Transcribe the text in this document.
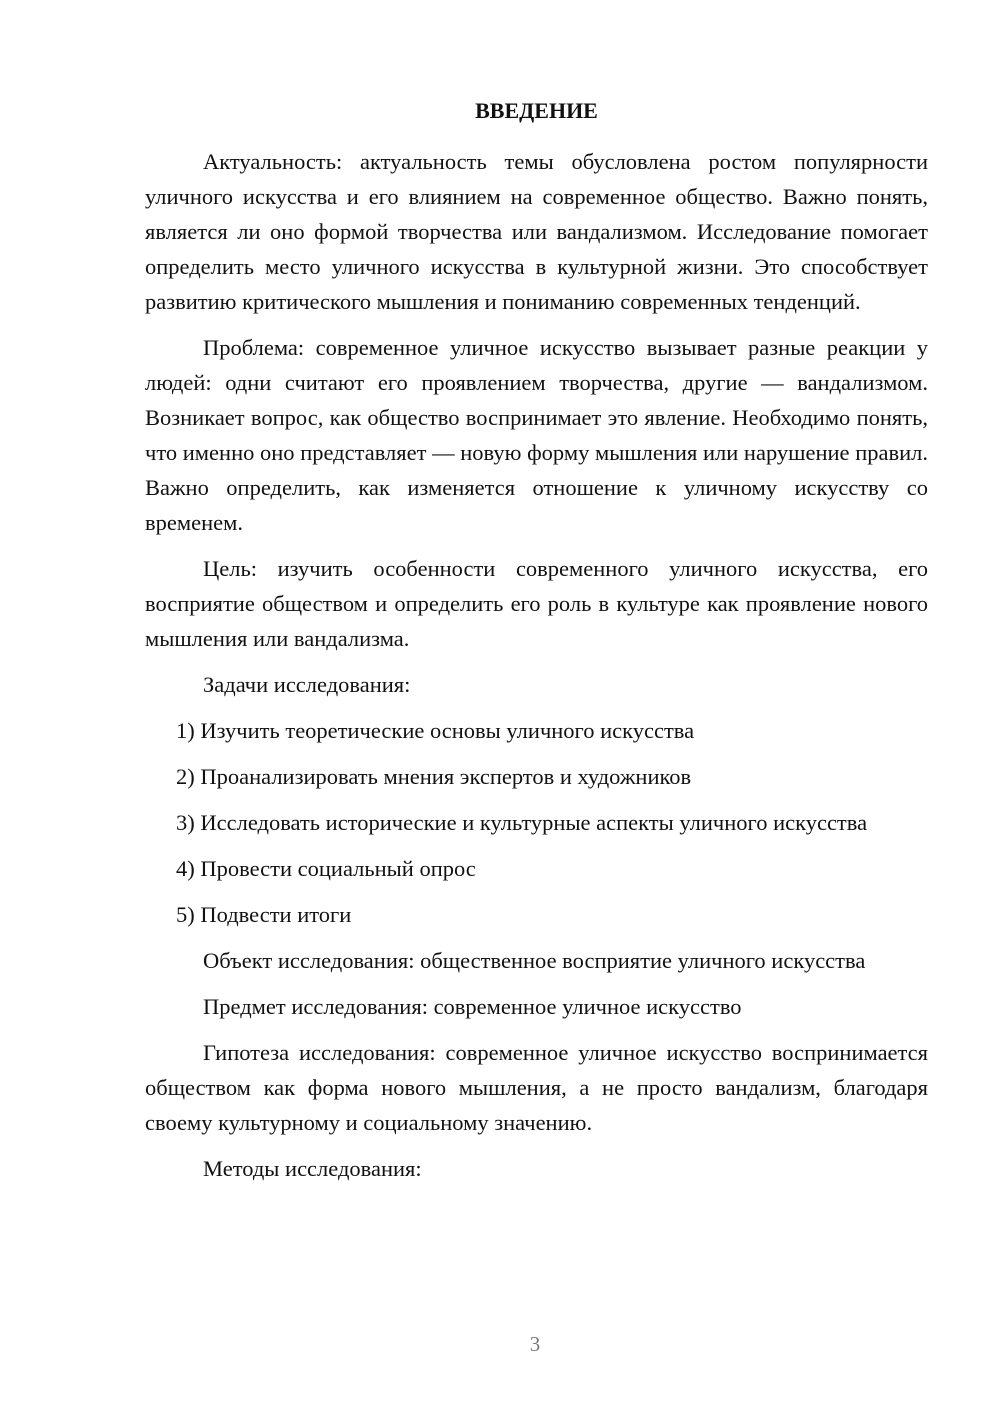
ВВЕДЕНИЕ

Актуальность: актуальность темы обусловлена ростом популярности уличного искусства и его влиянием на современное общество. Важно понять, является ли оно формой творчества или вандализмом. Исследование помогает определить место уличного искусства в культурной жизни. Это способствует развитию критического мышления и пониманию современных тенденций.

Проблема: современное уличное искусство вызывает разные реакции у людей: одни считают его проявлением творчества, другие — вандализмом. Возникает вопрос, как общество воспринимает это явление. Необходимо понять, что именно оно представляет — новую форму мышления или нарушение правил. Важно определить, как изменяется отношение к уличному искусству со временем.

Цель: изучить особенности современного уличного искусства, его восприятие обществом и определить его роль в культуре как проявление нового мышления или вандализма.

Задачи исследования:

1) Изучить теоретические основы уличного искусства

2) Проанализировать мнения экспертов и художников

3) Исследовать исторические и культурные аспекты уличного искусства

4) Провести социальный опрос

5) Подвести итоги

Объект исследования: общественное восприятие уличного искусства

Предмет исследования: современное уличное искусство

Гипотеза исследования: современное уличное искусство воспринимается обществом как форма нового мышления, а не просто вандализм, благодаря своему культурному и социальному значению.

Методы исследования:

3
